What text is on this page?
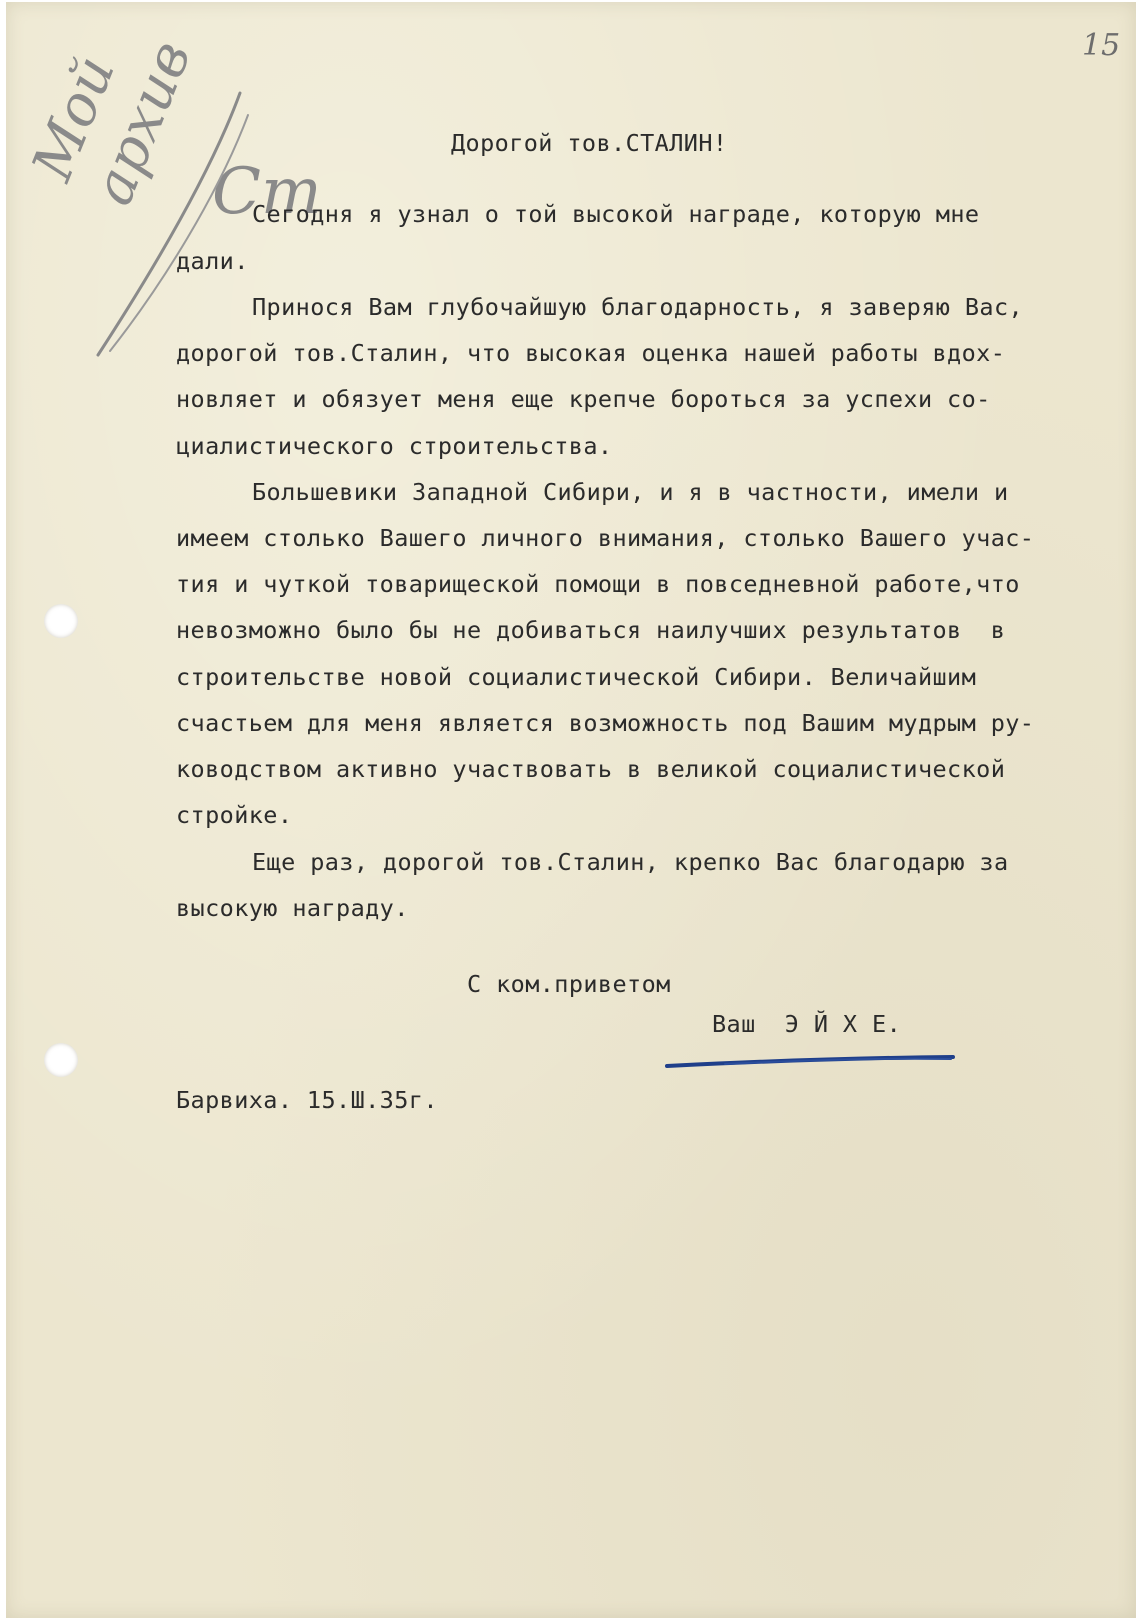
15
Мой архив Ст
Дорогой тов.СТАЛИН!
Сегодня я узнал о той высокой награде, которую мне
дали.
Принося Вам глубочайшую благодарность, я заверяю Вас,
дорогой тов.Сталин, что высокая оценка нашей работы вдох-
новляет и обязует меня еще крепче бороться за успехи со-
циалистического строительства.
Большевики Западной Сибири, и я в частности, имели и
имеем столько Вашего личного внимания, столько Вашего учас-
тия и чуткой товарищеской помощи в повседневной работе,что
невозможно было бы не добиваться наилучших результатов  в
строительстве новой социалистической Сибири. Величайшим
счастьем для меня является возможность под Вашим мудрым ру-
ководством активно участвовать в великой социалистической
стройке.
Еще раз, дорогой тов.Сталин, крепко Вас благодарю за
высокую награду.
С ком.приветом
Ваш  Э Й Х Е.
Барвиха. 15.Ш.35г.
